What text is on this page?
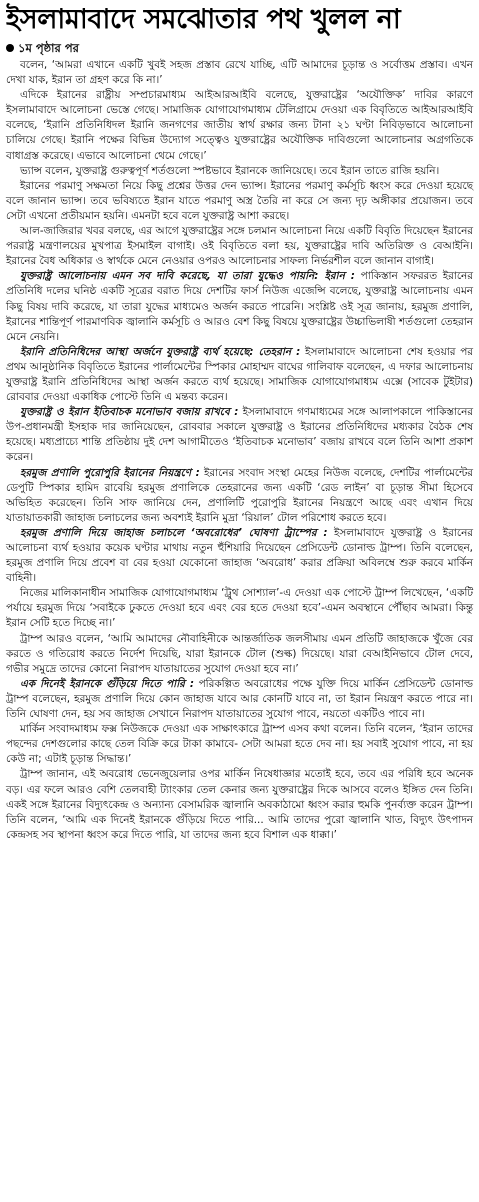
ইসলামাবাদে সমঝোতার পথ খুলল না
১ম পৃষ্ঠার পর

বলেন, ‘আমরা এখানে একটি খুবই সহজ প্রস্তাব রেখে যাচ্ছি, এটি আমাদের চূড়ান্ত ও সর্বোত্তম প্রস্তাব। এখন দেখা যাক, ইরান তা গ্রহণ করে কি না।’

এদিকে ইরানের রাষ্ট্রীয় সম্প্রচারমাধ্যম আইআরআইবি বলেছে, যুক্তরাষ্ট্রের ‘অযৌক্তিক’ দাবির কারণে ইসলামাবাদে আলোচনা ভেস্তে গেছে। সামাজিক যোগাযোগমাধ্যম টেলিগ্রামে দেওয়া এক বিবৃতিতে আইআরআইবি বলেছে, ‘ইরানি প্রতিনিধিদল ইরানি জনগণের জাতীয় স্বার্থ রক্ষার জন্য টানা ২১ ঘণ্টা নিবিড়ভাবে আলোচনা চালিয়ে গেছে। ইরানি পক্ষের বিভিন্ন উদ্যোগ সত্ত্বেও যুক্তরাষ্ট্রের অযৌক্তিক দাবিগুলো আলোচনার অগ্রগতিকে বাধাগ্রস্ত করেছে। এভাবে আলোচনা থেমে গেছে।’

ভ্যান্স বলেন, যুক্তরাষ্ট্র গুরুত্বপূর্ণ শর্তগুলো স্পষ্টভাবে ইরানকে জানিয়েছে। তবে ইরান তাতে রাজি হয়নি।

ইরানের পরমাণু সক্ষমতা নিয়ে কিছু প্রশ্নের উত্তর দেন ভ্যান্স। ইরানের পরমাণু কর্মসূচি ধ্বংস করে দেওয়া হয়েছে বলে জানান ভ্যান্স। তবে ভবিষ্যতে ইরান যাতে পরমাণু অস্ত্র তৈরি না করে সে জন্য দৃঢ় অঙ্গীকার প্রয়োজন। তবে সেটা এখনো প্রতীয়মান হয়নি। এমনটা হবে বলে যুক্তরাষ্ট্র আশা করছে।

আল-জাজিরার খবর বলছে, এর আগে যুক্তরাষ্ট্রের সঙ্গে চলমান আলোচনা নিয়ে একটি বিবৃতি দিয়েছেন ইরানের পররাষ্ট্র মন্ত্রণালয়ের মুখপাত্র ইসমাইল বাগাই। ওই বিবৃতিতে বলা হয়, যুক্তরাষ্ট্রের দাবি অতিরিক্ত ও বেআইনি। ইরানের বৈধ অধিকার ও স্বার্থকে মেনে নেওয়ার ওপরও আলোচনার সাফল্য নির্ভরশীল বলে জানান বাগাই।

যুক্তরাষ্ট্র আলোচনায় এমন সব দাবি করেছে, যা তারা যুদ্ধেও পায়নি: ইরান : পাকিস্তান সফররত ইরানের প্রতিনিধি দলের ঘনিষ্ঠ একটি সূত্রের বরাত দিয়ে দেশটির ফার্স নিউজ এজেন্সি বলেছে, যুক্তরাষ্ট্র আলোচনায় এমন কিছু বিষয় দাবি করেছে, যা তারা যুদ্ধের মাধ্যমেও অর্জন করতে পারেনি। সংশ্লিষ্ট ওই সূত্র জানায়, হরমুজ প্রণালি, ইরানের শান্তিপূর্ণ পারমাণবিক জ্বালানি কর্মসূচি ও আরও বেশ কিছু বিষয়ে যুক্তরাষ্ট্রের উচ্চাভিলাষী শর্তগুলো তেহরান মেনে নেয়নি।

ইরানি প্রতিনিধিদের আস্থা অর্জনে যুক্তরাষ্ট্র ব্যর্থ হয়েছে: তেহরান : ইসলামাবাদে আলোচনা শেষ হওয়ার পর প্রথম আনুষ্ঠানিক বিবৃতিতে ইরানের পার্লামেন্টের স্পিকার মোহাম্মদ বাঘের গালিবাফ বলেছেন, এ দফার আলোচনায় যুক্তরাষ্ট্র ইরানি প্রতিনিধিদের আস্থা অর্জন করতে ব্যর্থ হয়েছে। সামাজিক যোগাযোগমাধ্যম এক্সে (সাবেক টুইটার) রোববার দেওয়া একাধিক পোস্টে তিনি এ মন্তব্য করেন।

যুক্তরাষ্ট্র ও ইরান ইতিবাচক মনোভাব বজায় রাখবে : ইসলামাবাদে গণমাধ্যমের সঙ্গে আলাপকালে পাকিস্তানের উপ-প্রধানমন্ত্রী ইসহাক দার জানিয়েছেন, রোববার সকালে যুক্তরাষ্ট্র ও ইরানের প্রতিনিধিদের মধ্যকার বৈঠক শেষ হয়েছে। মধ্যপ্রাচ্যে শান্তি প্রতিষ্ঠায় দুই দেশ আগামীতেও ‘ইতিবাচক মনোভাব’ বজায় রাখবে বলে তিনি আশা প্রকাশ করেন।

হরমুজ প্রণালি পুরোপুরি ইরানের নিয়ন্ত্রণে : ইরানের সংবাদ সংস্থা মেহের নিউজ বলেছে, দেশটির পার্লামেন্টের ডেপুটি স্পিকার হামিদ রাবেয়ি হরমুজ প্রণালিকে তেহরানের জন্য একটি ‘রেড লাইন’ বা চূড়ান্ত সীমা হিসেবে অভিহিত করেছেন। তিনি সাফ জানিয়ে দেন, প্রণালিটি পুরোপুরি ইরানের নিয়ন্ত্রণে আছে এবং এখান দিয়ে যাতায়াতকারী জাহাজ চলাচলের জন্য অবশ্যই ইরানি মুদ্রা ‘রিয়াল’ টোল পরিশোধ করতে হবে।

হরমুজ প্রণালি দিয়ে জাহাজ চলাচলে ‘অবরোধের’ ঘোষণা ট্রাম্পের : ইসলামাবাদে যুক্তরাষ্ট্র ও ইরানের আলোচনা ব্যর্থ হওয়ার কয়েক ঘণ্টার মাথায় নতুন হুঁশিয়ারি দিয়েছেন প্রেসিডেন্ট ডোনাল্ড ট্রাম্প। তিনি বলেছেন, হরমুজ প্রণালি দিয়ে প্রবেশ বা বের হওয়া যেকোনো জাহাজ ‘অবরোধ’ করার প্রক্রিয়া অবিলম্বে শুরু করবে মার্কিন বাহিনী।

নিজের মালিকানাধীন সামাজিক যোগাযোগমাধ্যম ‘ট্রুথ সোশ্যাল’-এ দেওয়া এক পোস্টে ট্রাম্প লিখেছেন, ‘একটি পর্যায়ে হরমুজ দিয়ে ‘সবাইকে ঢুকতে দেওয়া হবে এবং বের হতে দেওয়া হবে’-এমন অবস্থানে পৌঁছাব আমরা। কিন্তু ইরান সেটি হতে দিচ্ছে না।’

ট্রাম্প আরও বলেন, ‘আমি আমাদের নৌবাহিনীকে আন্তর্জাতিক জলসীমায় এমন প্রতিটি জাহাজকে খুঁজে বের করতে ও গতিরোধ করতে নির্দেশ দিয়েছি, যারা ইরানকে টোল (শুল্ক) দিয়েছে। যারা বেআইনিভাবে টোল দেবে, গভীর সমুদ্রে তাদের কোনো নিরাপদ যাতায়াতের সুযোগ দেওয়া হবে না।’

এক দিনেই ইরানকে গুঁড়িয়ে দিতে পারি : পরিকল্পিত অবরোধের পক্ষে যুক্তি দিয়ে মার্কিন প্রেসিডেন্ট ডোনাল্ড ট্রাম্প বলেছেন, হরমুজ প্রণালি দিয়ে কোন জাহাজ যাবে আর কোনটি যাবে না, তা ইরান নিয়ন্ত্রণ করতে পারে না। তিনি ঘোষণা দেন, হয় সব জাহাজ সেখানে নিরাপদ যাতায়াতের সুযোগ পাবে, নয়তো একটিও পাবে না।

মার্কিন সংবাদমাধ্যম ফক্স নিউজকে দেওয়া এক সাক্ষাৎকারে ট্রাম্প এসব কথা বলেন। তিনি বলেন, ‘ইরান তাদের পছন্দের দেশগুলোর কাছে তেল বিক্রি করে টাকা কামাবে- সেটা আমরা হতে দেব না। হয় সবাই সুযোগ পাবে, না হয় কেউ না; এটাই চূড়ান্ত সিদ্ধান্ত।’

ট্রাম্প জানান, এই অবরোধ ভেনেজুয়েলার ওপর মার্কিন নিষেধাজ্ঞার মতোই হবে, তবে এর পরিধি হবে অনেক বড়। এর ফলে আরও বেশি তেলবাহী ট্যাংকার তেল কেনার জন্য যুক্তরাষ্ট্রের দিকে আসবে বলেও ইঙ্গিত দেন তিনি। একই সঙ্গে ইরানের বিদ্যুৎকেন্দ্র ও অন্যান্য বেসামরিক জ্বালানি অবকাঠামো ধ্বংস করার হুমকি পুনর্ব্যক্ত করেন ট্রাম্প। তিনি বলেন, ‘আমি এক দিনেই ইরানকে গুঁড়িয়ে দিতে পারি... আমি তাদের পুরো জ্বালানি খাত, বিদ্যুৎ উৎপাদন কেন্দ্রসহ সব স্থাপনা ধ্বংস করে দিতে পারি, যা তাদের জন্য হবে বিশাল এক ধাক্কা।’
